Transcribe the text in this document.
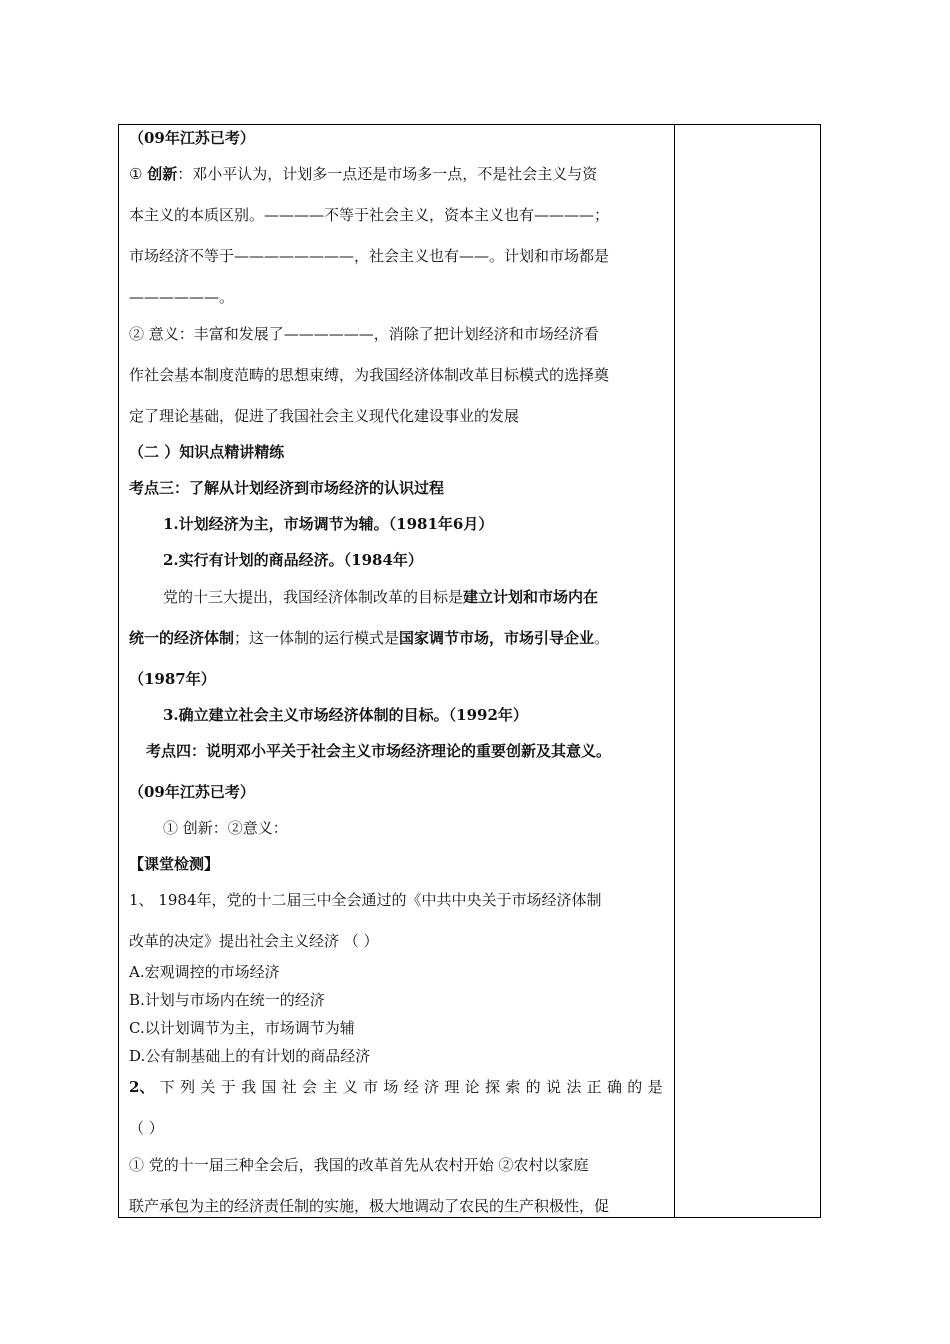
（09年江苏已考）
① 创新：邓小平认为，计划多一点还是市场多一点，不是社会主义与资
本主义的本质区别。————不等于社会主义，资本主义也有————；
市场经济不等于————————，社会主义也有——。计划和市场都是
——————。
② 意义：丰富和发展了——————，消除了把计划经济和市场经济看
作社会基本制度范畴的思想束缚，为我国经济体制改革目标模式的选择奠
定了理论基础，促进了我国社会主义现代化建设事业的发展
（二 ）知识点精讲精练
考点三：了解从计划经济到市场经济的认识过程
1.计划经济为主，市场调节为辅。（1981年6月）
2.实行有计划的商品经济。（1984年）
党的十三大提出，我国经济体制改革的目标是建立计划和市场内在
统一的经济体制；这一体制的运行模式是国家调节市场，市场引导企业。
（1987年）
3.确立建立社会主义市场经济体制的目标。（1992年）
考点四：说明邓小平关于社会主义市场经济理论的重要创新及其意义。
（09年江苏已考）
① 创新：②意义：
【课堂检测】
1、 1984年，党的十二届三中全会通过的《中共中央关于市场经济体制
改革的决定》提出社会主义经济 （ ）
A.宏观调控的市场经济
B.计划与市场内在统一的经济
C.以计划调节为主，市场调节为辅
D.公有制基础上的有计划的商品经济
2、 下 列 关 于 我 国 社 会 主 义 市 场 经 济 理 论 探 索 的 说 法 正 确 的 是
（ ）
① 党的十一届三种全会后，我国的改革首先从农村开始 ②农村以家庭
联产承包为主的经济责任制的实施，极大地调动了农民的生产积极性，促
